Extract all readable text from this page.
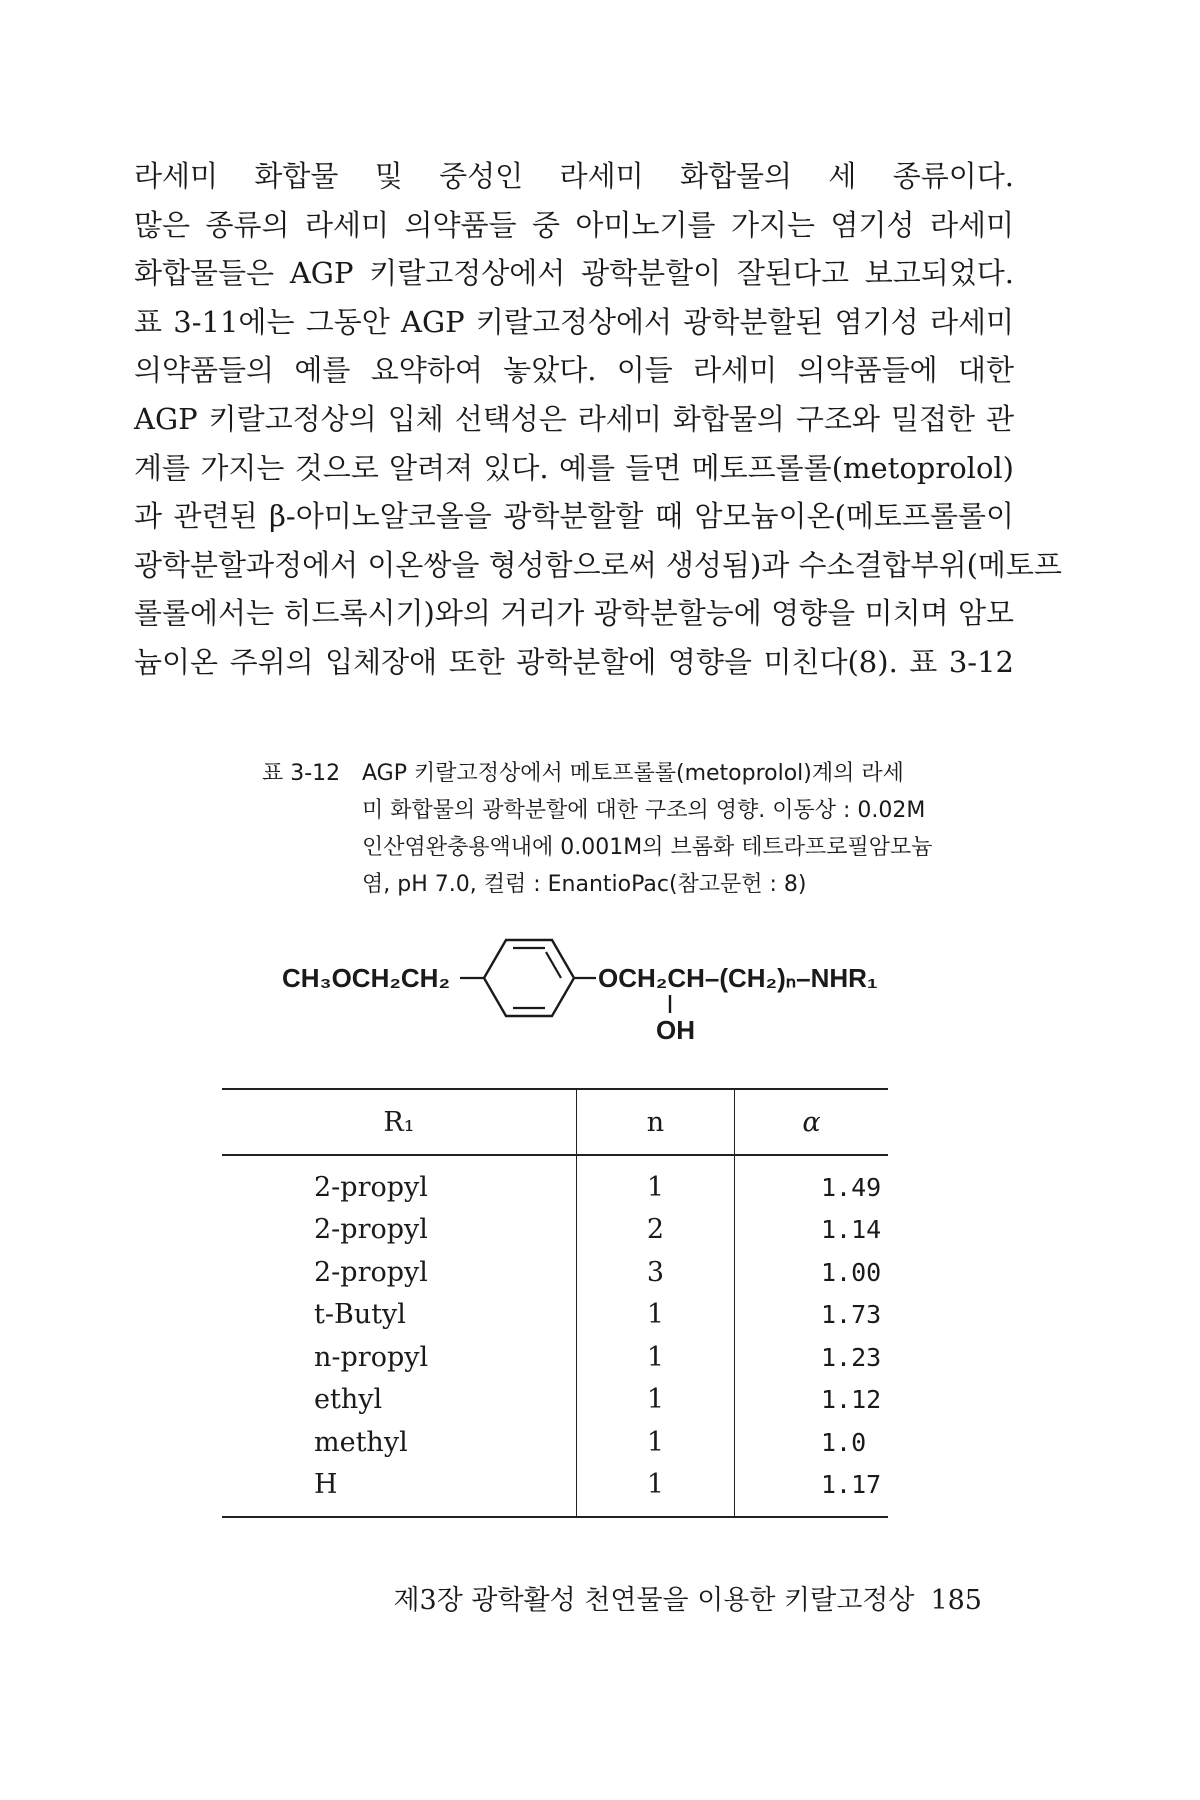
라세미 화합물 및 중성인 라세미 화합물의 세 종류이다.
많은 종류의 라세미 의약품들 중 아미노기를 가지는 염기성 라세미
화합물들은 AGP 키랄고정상에서 광학분할이 잘된다고 보고되었다.
표 3-11에는 그동안 AGP 키랄고정상에서 광학분할된 염기성 라세미
의약품들의 예를 요약하여 놓았다. 이들 라세미 의약품들에 대한
AGP 키랄고정상의 입체 선택성은 라세미 화합물의 구조와 밀접한 관
계를 가지는 것으로 알려져 있다. 예를 들면 메토프롤롤(metoprolol)
과 관련된 β-아미노알코올을 광학분할할 때 암모늄이온(메토프롤롤이
광학분할과정에서 이온쌍을 형성함으로써 생성됨)과 수소결합부위(메토프
롤롤에서는 히드록시기)와의 거리가 광학분할능에 영향을 미치며 암모
늄이온 주위의 입체장애 또한 광학분할에 영향을 미친다(8). 표 3-12
표 3-12 AGP 키랄고정상에서 메토프롤롤(metoprolol)계의 라세
미 화합물의 광학분할에 대한 구조의 영향. 이동상 : 0.02M
인산염완충용액내에 0.001M의 브롬화 테트라프로필암모늄
염, pH 7.0, 컬럼 : EnantioPac(참고문헌 : 8)
CH₃OCH₂CH₂	OCH₂CH–(CH₂)ₙ–NHR₁
OH
R₁	n	α
2-propyl	1	1.49
2-propyl	2	1.14
2-propyl	3	1.00
t-Butyl	1	1.73
n-propyl	1	1.23
ethyl	1	1.12
methyl	1	1.0
H	1	1.17
제3장 광학활성 천연물을 이용한 키랄고정상 185
